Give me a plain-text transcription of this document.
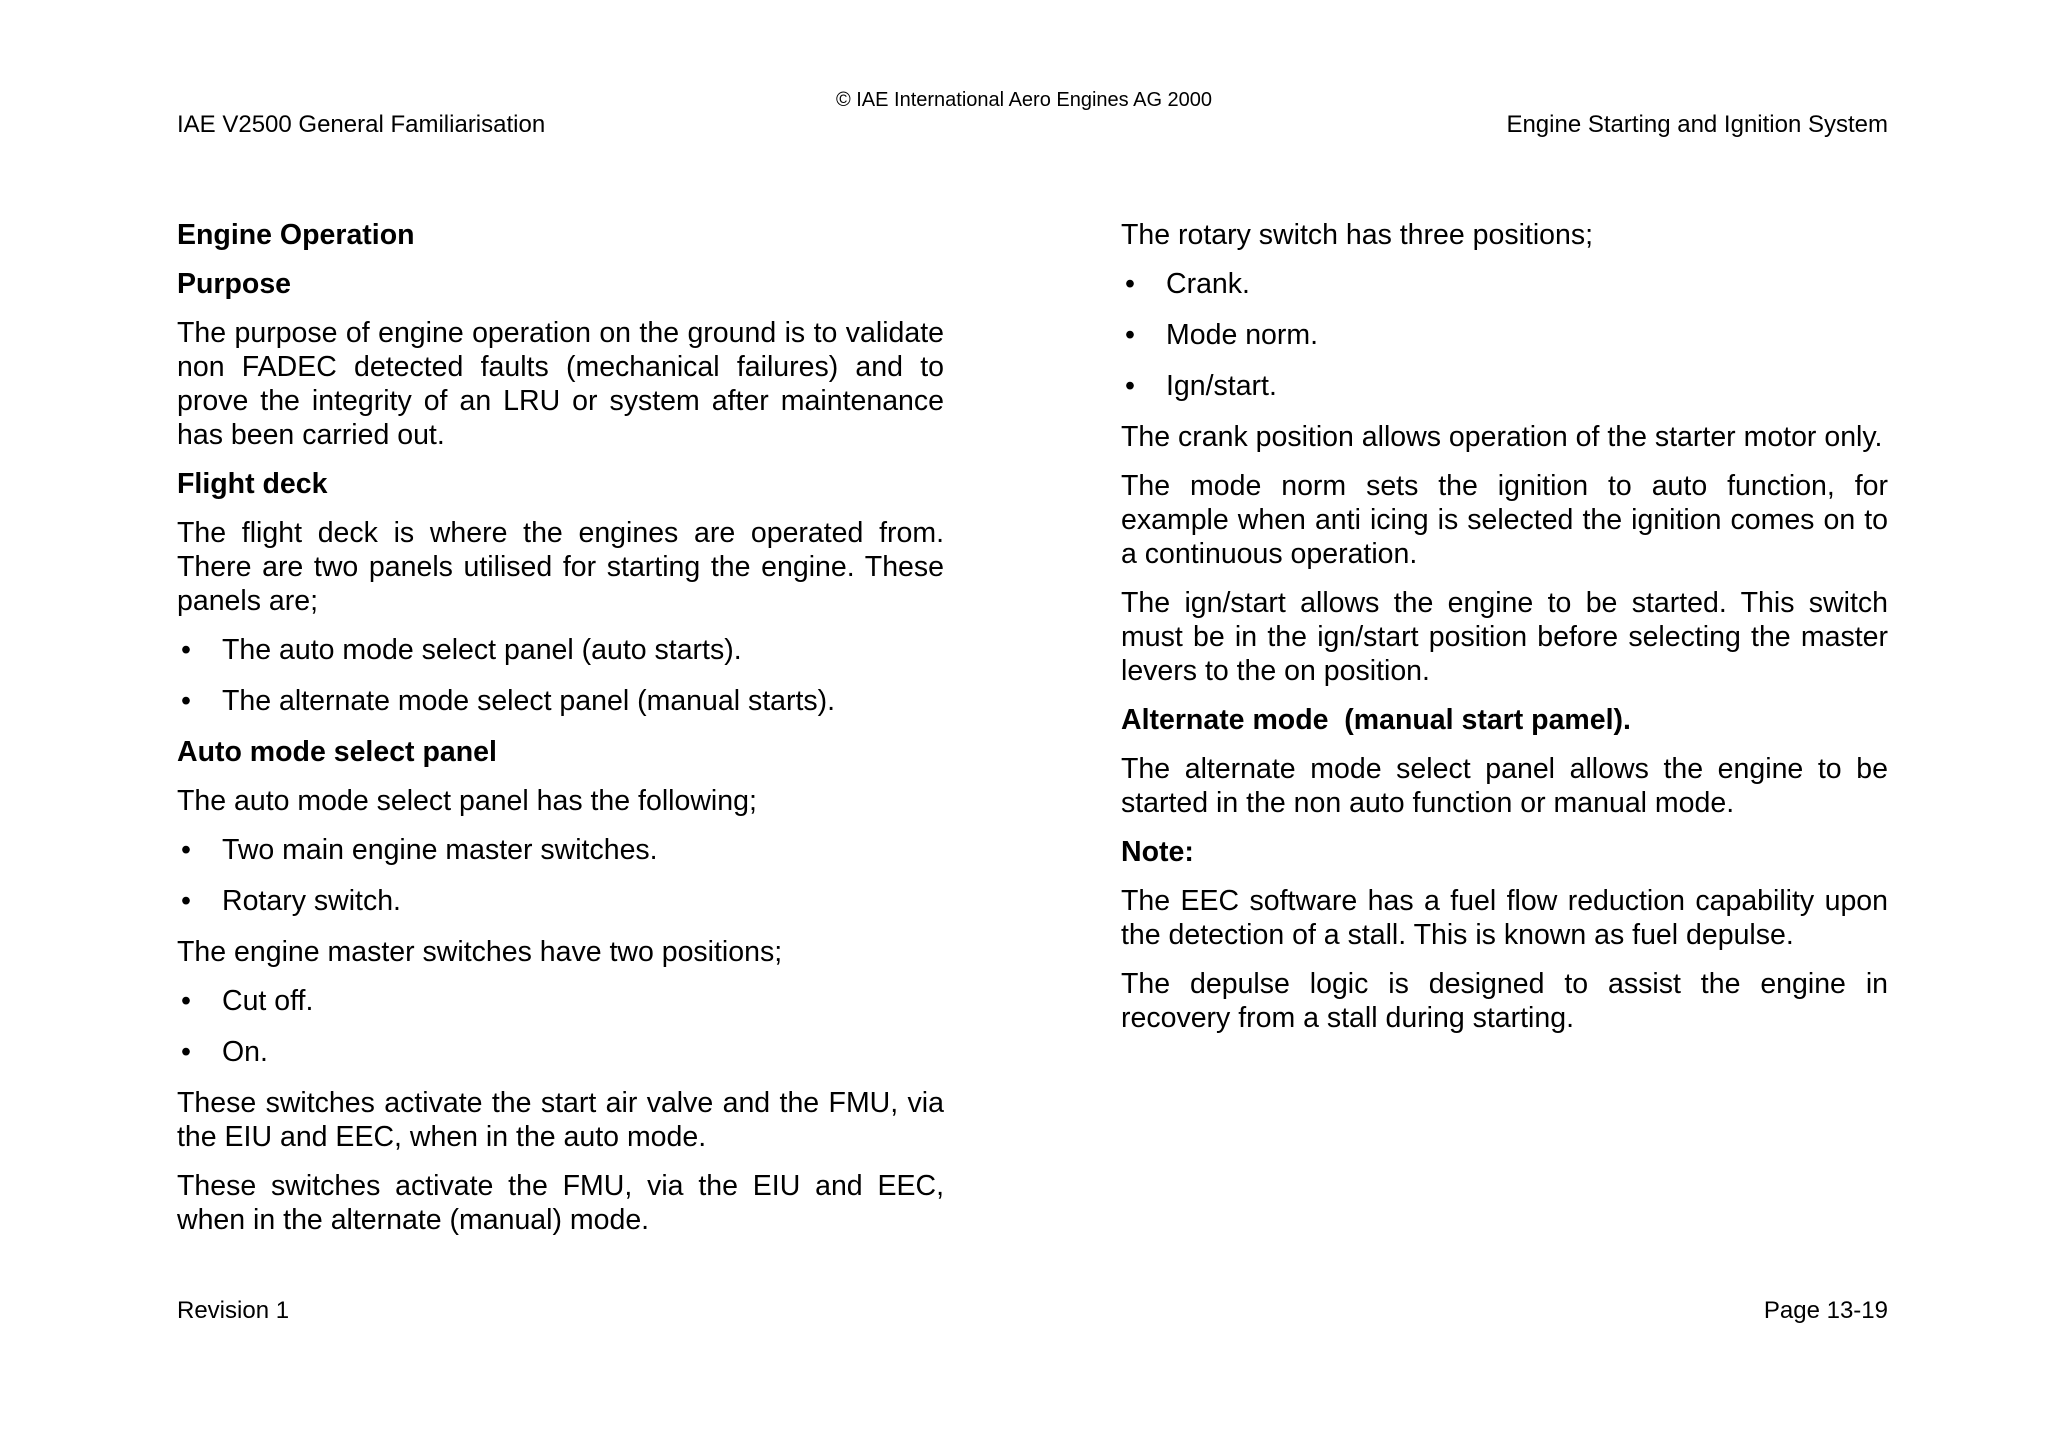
© IAE International Aero Engines AG 2000
IAE V2500 General Familiarisation	Engine Starting and Ignition System
Engine Operation
Purpose
The purpose of engine operation on the ground is to validate non FADEC detected faults (mechanical failures) and to prove the integrity of an LRU or system after maintenance has been carried out.
Flight deck
The flight deck is where the engines are operated from. There are two panels utilised for starting the engine. These panels are;
• The auto mode select panel (auto starts).
• The alternate mode select panel (manual starts).
Auto mode select panel
The auto mode select panel has the following;
• Two main engine master switches.
• Rotary switch.
The engine master switches have two positions;
• Cut off.
• On.
These switches activate the start air valve and the FMU, via the EIU and EEC, when in the auto mode.
These switches activate the FMU, via the EIU and EEC, when in the alternate (manual) mode.
The rotary switch has three positions;
• Crank.
• Mode norm.
• Ign/start.
The crank position allows operation of the starter motor only.
The mode norm sets the ignition to auto function, for example when anti icing is selected the ignition comes on to a continuous operation.
The ign/start allows the engine to be started. This switch must be in the ign/start position before selecting the master levers to the on position.
Alternate mode  (manual start pamel).
The alternate mode select panel allows the engine to be started in the non auto function or manual mode.
Note:
The EEC software has a fuel flow reduction capability upon the detection of a stall. This is known as fuel depulse.
The depulse logic is designed to assist the engine in recovery from a stall during starting.
Revision 1	Page 13-19
